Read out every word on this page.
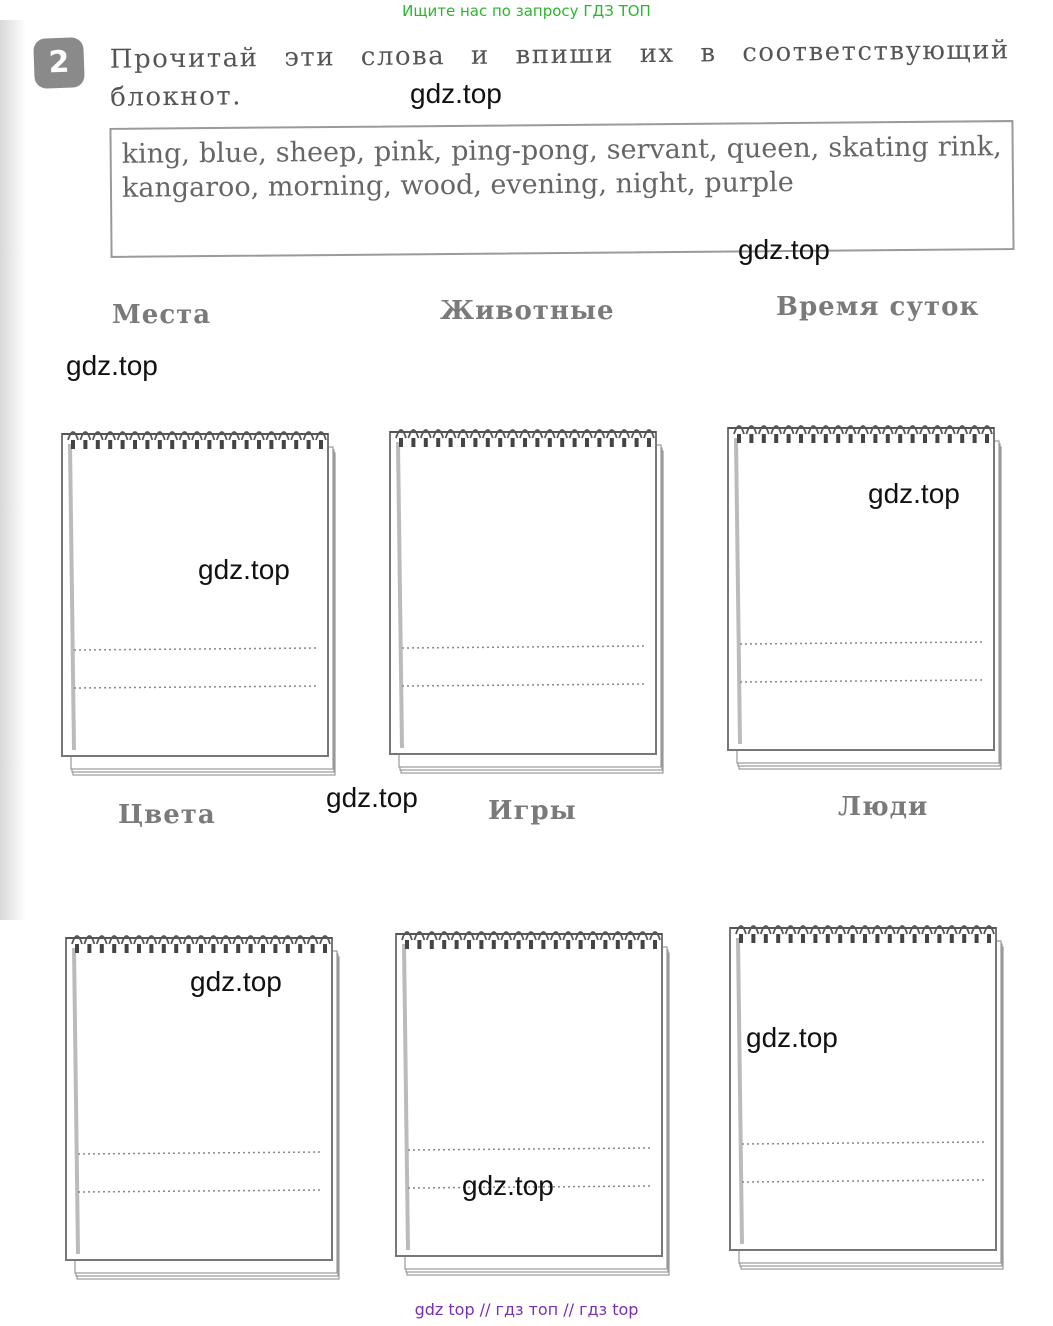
Ищите нас по запросу ГДЗ ТОП
2	Прочитай эти слова и впиши их в соответствующий блокнот.
king, blue, sheep, pink, ping-pong, servant, queen, skating rink, kangaroo, morning, wood, evening, night, purple
Места	Животные	Время суток
Цвета	Игры	Люди
gdz.top
gdz.top
gdz.top
gdz.top
gdz.top
gdz.top
gdz.top
gdz.top
gdz.top
gdz top // гдз топ // гдз top
